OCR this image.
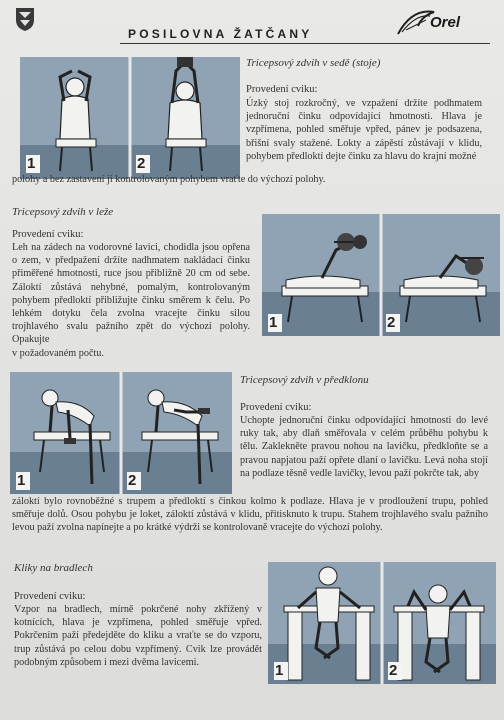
POSILOVNA ŽATČANY
Orel
1	2
Tricepsový zdvih v sedě (stoje)
Provedení cviku:

Úzký stoj rozkročný, ve vzpažení držíte podhmatem jednoruční činku odpovídající hmotnosti. Hlava je vzpřímena, pohled směřuje vpřed, pánev je podsazena, břišní svaly stažené. Lokty a zápěstí zůstávají v klidu, pohybem předloktí dejte činku za hlavu do krajní možné

polohy a bez zastavení ji kontrolovaným pohybem vraťte do výchozí polohy.

Tricepsový zdvih v leže
Provedení cviku:

Leh na zádech na vodorovné lavici, chodidla jsou opřena o zem, v předpažení držíte nadhmatem nakládací činku přiměřené hmotnosti, ruce jsou přibližně 20 cm od sebe. Záloktí zůstává nehybné, pomalým, kontrolovaným pohybem předloktí přibližujte činku směrem k čelu. Po lehkém dotyku čela zvolna vracejte činku silou trojhlavého svalu pažního zpět do výchozí polohy. Opakujte

v požadovaném počtu.

1	2
1	2
Tricepsový zdvih v předklonu
Provedení cviku:

Uchopte jednoruční činku odpovídající hmotnosti do levé ruky tak, aby dlaň směřovala v celém průběhu pohybu k tělu. Zaklekněte pravou nohou na lavičku, předkloňte se a pravou napjatou paží opřete dlaní o lavičku. Levá noha stojí na podlaze těsně vedle lavičky, levou paží pokrčte tak, aby

záloktí bylo rovnoběžné s trupem a předloktí s činkou kolmo k podlaze. Hlava je v prodloužení trupu, pohled směřuje dolů. Osou pohybu je loket, záloktí zůstává v klidu, přitisknuto k trupu. Stahem trojhlavého svalu pažního levou paží zvolna napínejte a po krátké výdrži se kontrolovaně vracejte do výchozí polohy.

Kliky na bradlech
Provedení cviku:

Vzpor na bradlech, mírně pokrčené nohy zkřížený v kotnících, hlava je vzpřímena, pohled směřuje vpřed. Pokrčením paží předejděte do kliku a vraťte se do vzporu, trup zůstává po celou dobu vzpřímený. Cvik lze provádět podobným způsobem i mezi dvěma lavicemi.	1	2
